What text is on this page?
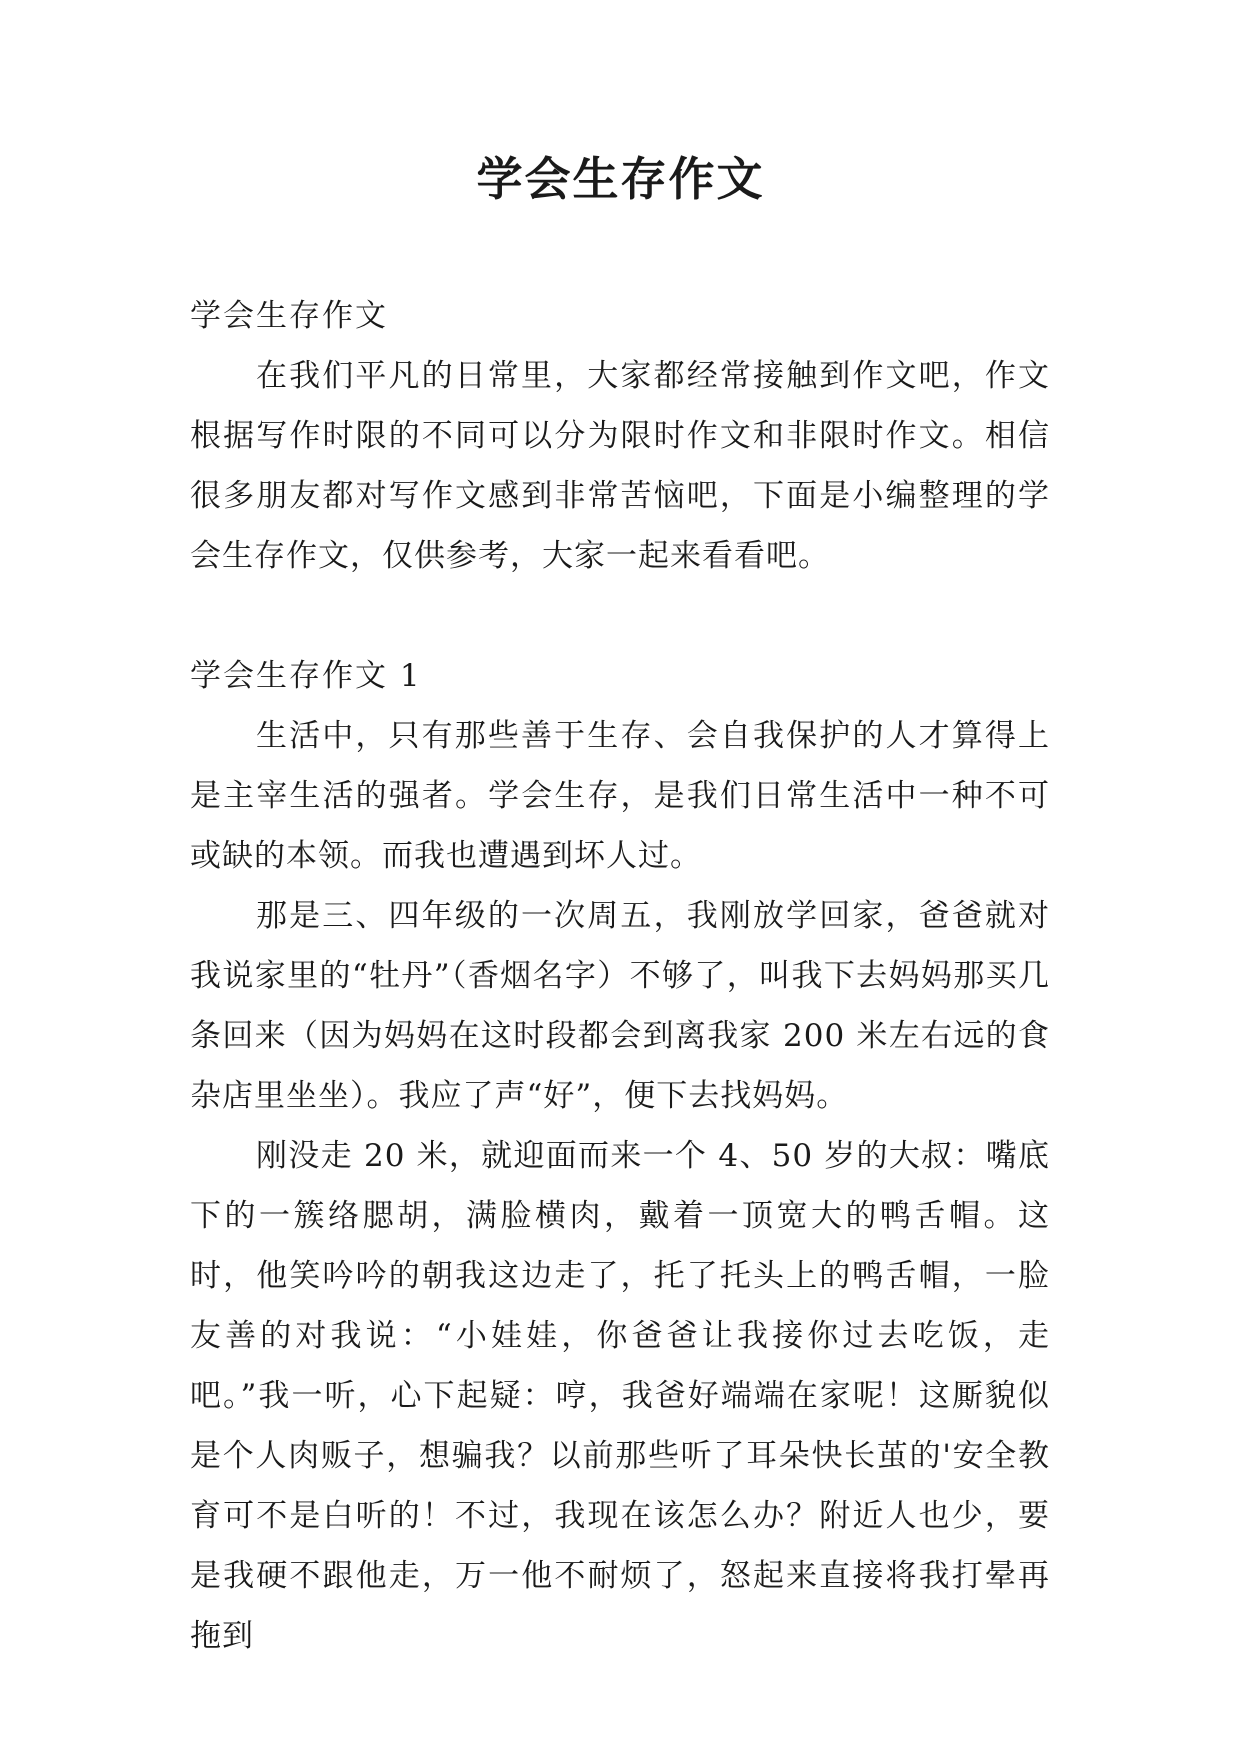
学会生存作文

学会生存作文

在我们平凡的日常里，大家都经常接触到作文吧，作文根据写作时限的不同可以分为限时作文和非限时作文。相信很多朋友都对写作文感到非常苦恼吧，下面是小编整理的学会生存作文，仅供参考，大家一起来看看吧。

学会生存作文 1

生活中，只有那些善于生存、会自我保护的人才算得上是主宰生活的强者。学会生存，是我们日常生活中一种不可或缺的本领。而我也遭遇到坏人过。

那是三、四年级的一次周五，我刚放学回家，爸爸就对我说家里的“牡丹”（香烟名字）不够了，叫我下去妈妈那买几条回来（因为妈妈在这时段都会到离我家 200 米左右远的食杂店里坐坐）。我应了声“好”，便下去找妈妈。

刚没走 20 米，就迎面而来一个 4、50 岁的大叔：嘴底下的一簇络腮胡，满脸横肉，戴着一顶宽大的鸭舌帽。这时，他笑吟吟的朝我这边走了，托了托头上的鸭舌帽，一脸友善的对我说：“小娃娃，你爸爸让我接你过去吃饭，走吧。”我一听，心下起疑：哼，我爸好端端在家呢！这厮貌似是个人肉贩子，想骗我？以前那些听了耳朵快长茧的'安全教育可不是白听的！不过，我现在该怎么办？附近人也少，要是我硬不跟他走，万一他不耐烦了，怒起来直接将我打晕再拖到
